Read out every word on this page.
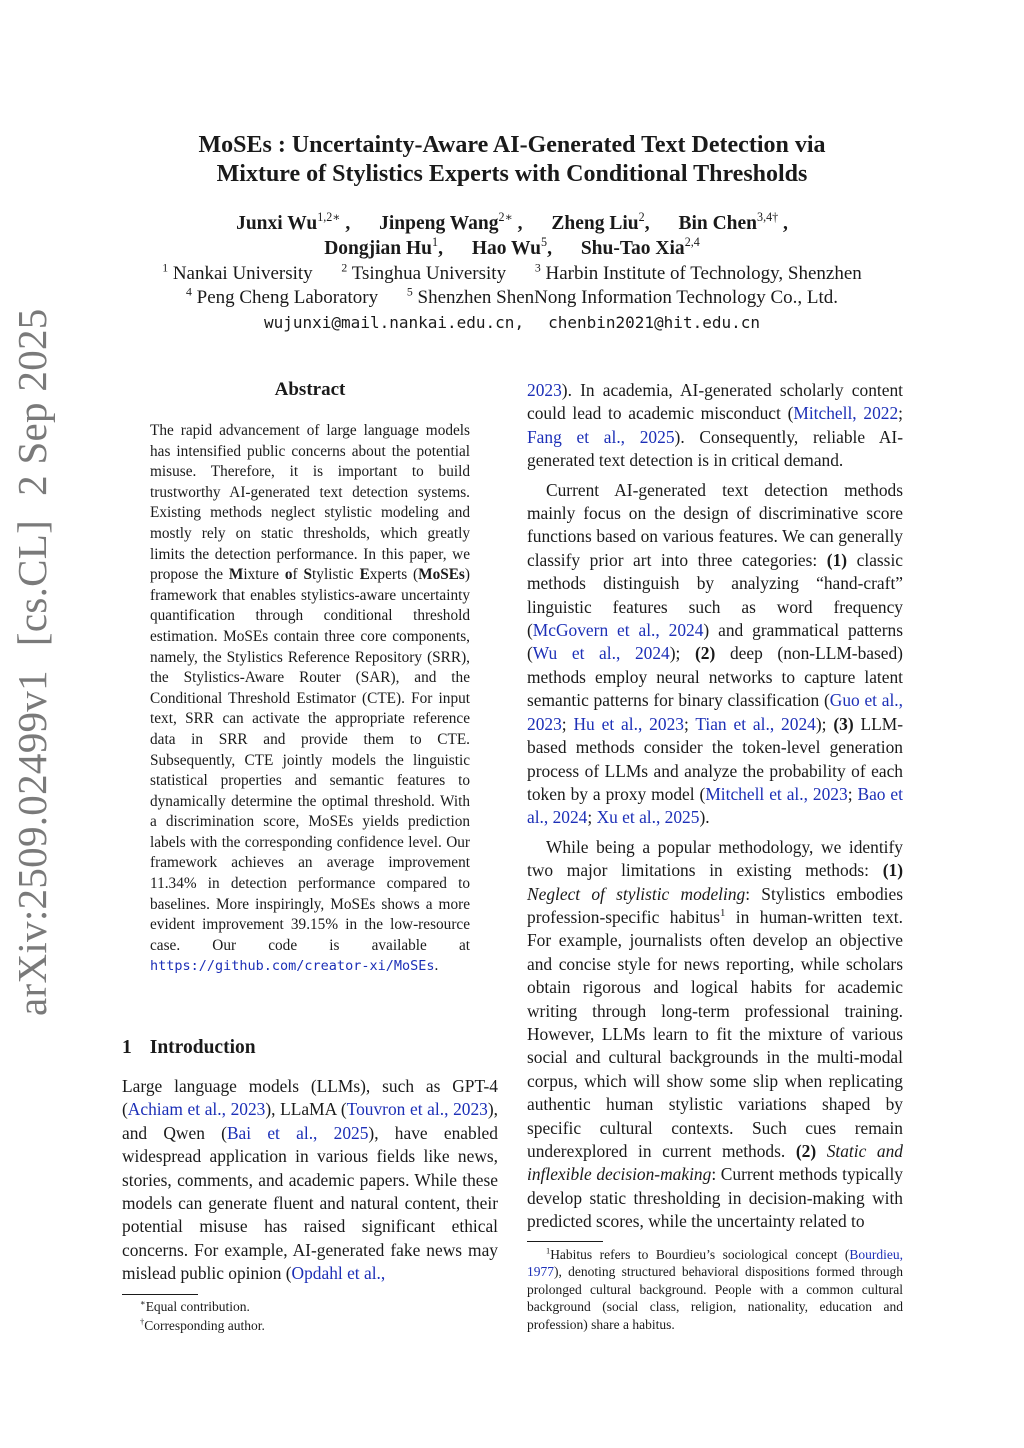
arXiv:2509.02499v1[cs.CL]2 Sep 2025
MoSEs : Uncertainty-Aware AI-Generated Text Detection via
Mixture of Stylistics Experts with Conditional Thresholds
Junxi $Wu^{1,2∗}$ , Jinpeng Wang$^{2∗}$ , Zheng Liu$^2$, Bin Chen$^{3,4\dagger}$ ,
Dongjian Hu$^1$, Hao Wu$^5$, Shu-Tao Xia$^{2,4}$
$^1$ Nankai University $^2$ Tsinghua University $^3$ Harbin Institute of Technology, Shenzhen
$^4$ Peng Cheng Laboratory $^5$ Shenzhen ShenNong Information Technology Co., Ltd.
wujunxi@mail.nankai.edu.cn, chenbin2021@hit.edu.cn
Abstract
The rapid advancement of large language models has intensified public concerns about the potential misuse. Therefore, it is important to build trustworthy AI-generated text detection systems. Existing methods neglect stylistic modeling and mostly rely on static thresholds, which greatly limits the detection performance. In this paper, we propose the Mixture of Stylistic Experts (MoSEs) framework that enables stylistics-aware uncertainty quantification through conditional threshold estimation. MoSEs contain three core components, namely, the Stylistics Reference Repository (SRR), the Stylistics-Aware Router (SAR), and the Conditional Threshold Estimator (CTE). For input text, SRR can activate the appropriate reference data in SRR and provide them to CTE. Subsequently, CTE jointly models the linguistic statistical properties and semantic features to dynamically determine the optimal threshold. With a discrimination score, MoSEs yields prediction labels with the corresponding confidence level. Our framework achieves an average improvement 11.34% in detection performance compared to baselines. More inspiringly, MoSEs shows a more evident improvement 39.15% in the low-resource case. Our code is available at https://github.com/creator-xi/MoSEs.
1 Introduction
Large language models (LLMs), such as GPT-4 (Achiam et al., 2023), LLaMA (Touvron et al., 2023), and Qwen (Bai et al., 2025), have enabled widespread application in various fields like news, stories, comments, and academic papers. While these models can generate fluent and natural content, their potential misuse has raised significant ethical concerns. For example, AI-generated fake news may mislead public opinion (Opdahl et al.,

2023). In academia, AI-generated scholarly content could lead to academic misconduct (Mitchell, 2022; Fang et al., 2025). Consequently, reliable AI-generated text detection is in critical demand.

Current AI-generated text detection methods mainly focus on the design of discriminative score functions based on various features. We can generally classify prior art into three categories: (1) classic methods distinguish by analyzing “hand-craft” linguistic features such as word frequency (McGovern et al., 2024) and grammatical patterns (Wu et al., 2024); (2) deep (non-LLM-based) methods employ neural networks to capture latent semantic patterns for binary classification (Guo et al., 2023; Hu et al., 2023; Tian et al., 2024); (3) LLM-based methods consider the token-level generation process of LLMs and analyze the probability of each token by a proxy model (Mitchell et al., 2023; Bao et al., 2024; Xu et al., 2025).

While being a popular methodology, we identify two major limitations in existing methods: (1) Neglect of stylistic modeling: Stylistics embodies profession-specific habitus$^1$ in human-written text. For example, journalists often develop an objective and concise style for news reporting, while scholars obtain rigorous and logical habits for academic writing through long-term professional training. However, LLMs learn to fit the mixture of various social and cultural backgrounds in the multi-modal corpus, which will show some slip when replicating authentic human stylistic variations shaped by specific cultural contexts. Such cues remain underexplored in current methods. (2) Static and inflexible decision-making: Current methods typically develop static thresholding in decision-making with predicted scores, while the uncertainty related to

∗Equal contribution.
†Corresponding author.
$^1$Habitus refers to Bourdieu’s sociological concept (Bourdieu, 1977), denoting structured behavioral dispositions formed through prolonged cultural background. People with a common cultural background (social class, religion, nationality, education and profession) share a habitus.
